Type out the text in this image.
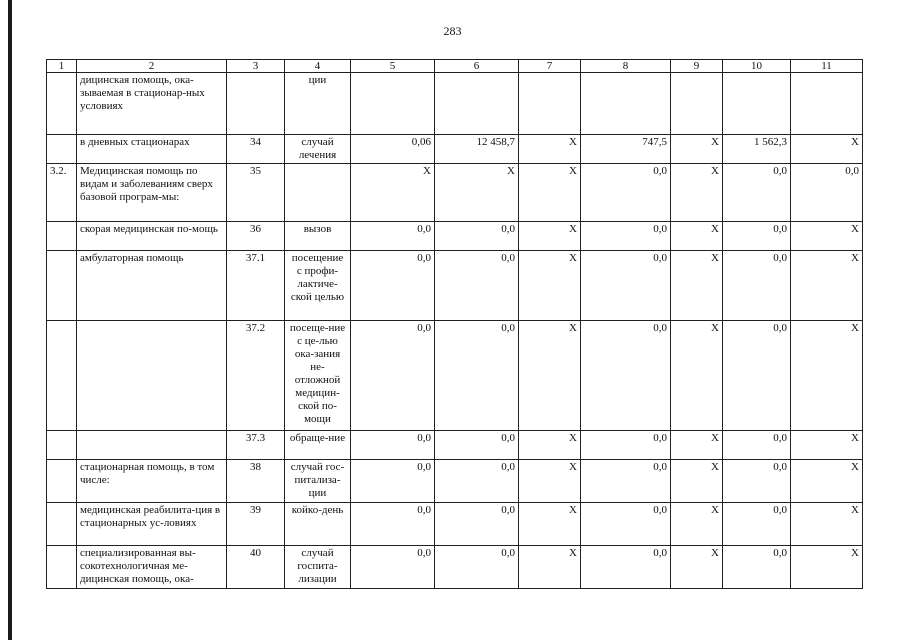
283
1	2	3	4	5	6	7	8	9	10	11
	дицинская помощь, ока-зываемая в стационар-ных условиях		ции							
	в дневных стационарах	34	случай лечения	0,06	12 458,7	Х	747,5	Х	1 562,3	Х
3.2.	Медицинская помощь по видам и заболеваниям сверх базовой програм-мы:	35		Х	Х	Х	0,0	Х	0,0	0,0
	скорая медицинская по-мощь	36	вызов	0,0	0,0	Х	0,0	Х	0,0	Х
	амбулаторная помощь	37.1	посещение с профи-лактиче-ской целью	0,0	0,0	Х	0,0	Х	0,0	Х
		37.2	посеще-ние с це-лью ока-зания не-отложной медицин-ской по-мощи	0,0	0,0	Х	0,0	Х	0,0	Х
		37.3	обраще-ние	0,0	0,0	Х	0,0	Х	0,0	Х
	стационарная помощь, в том числе:	38	случай гос-питализа-ции	0,0	0,0	Х	0,0	Х	0,0	Х
	медицинская реабилита-ция в стационарных ус-ловиях	39	койко-день	0,0	0,0	Х	0,0	Х	0,0	Х
	специализированная вы-сокотехнологичная ме-дицинская помощь, ока-	40	случай госпита-лизации	0,0	0,0	Х	0,0	Х	0,0	Х
